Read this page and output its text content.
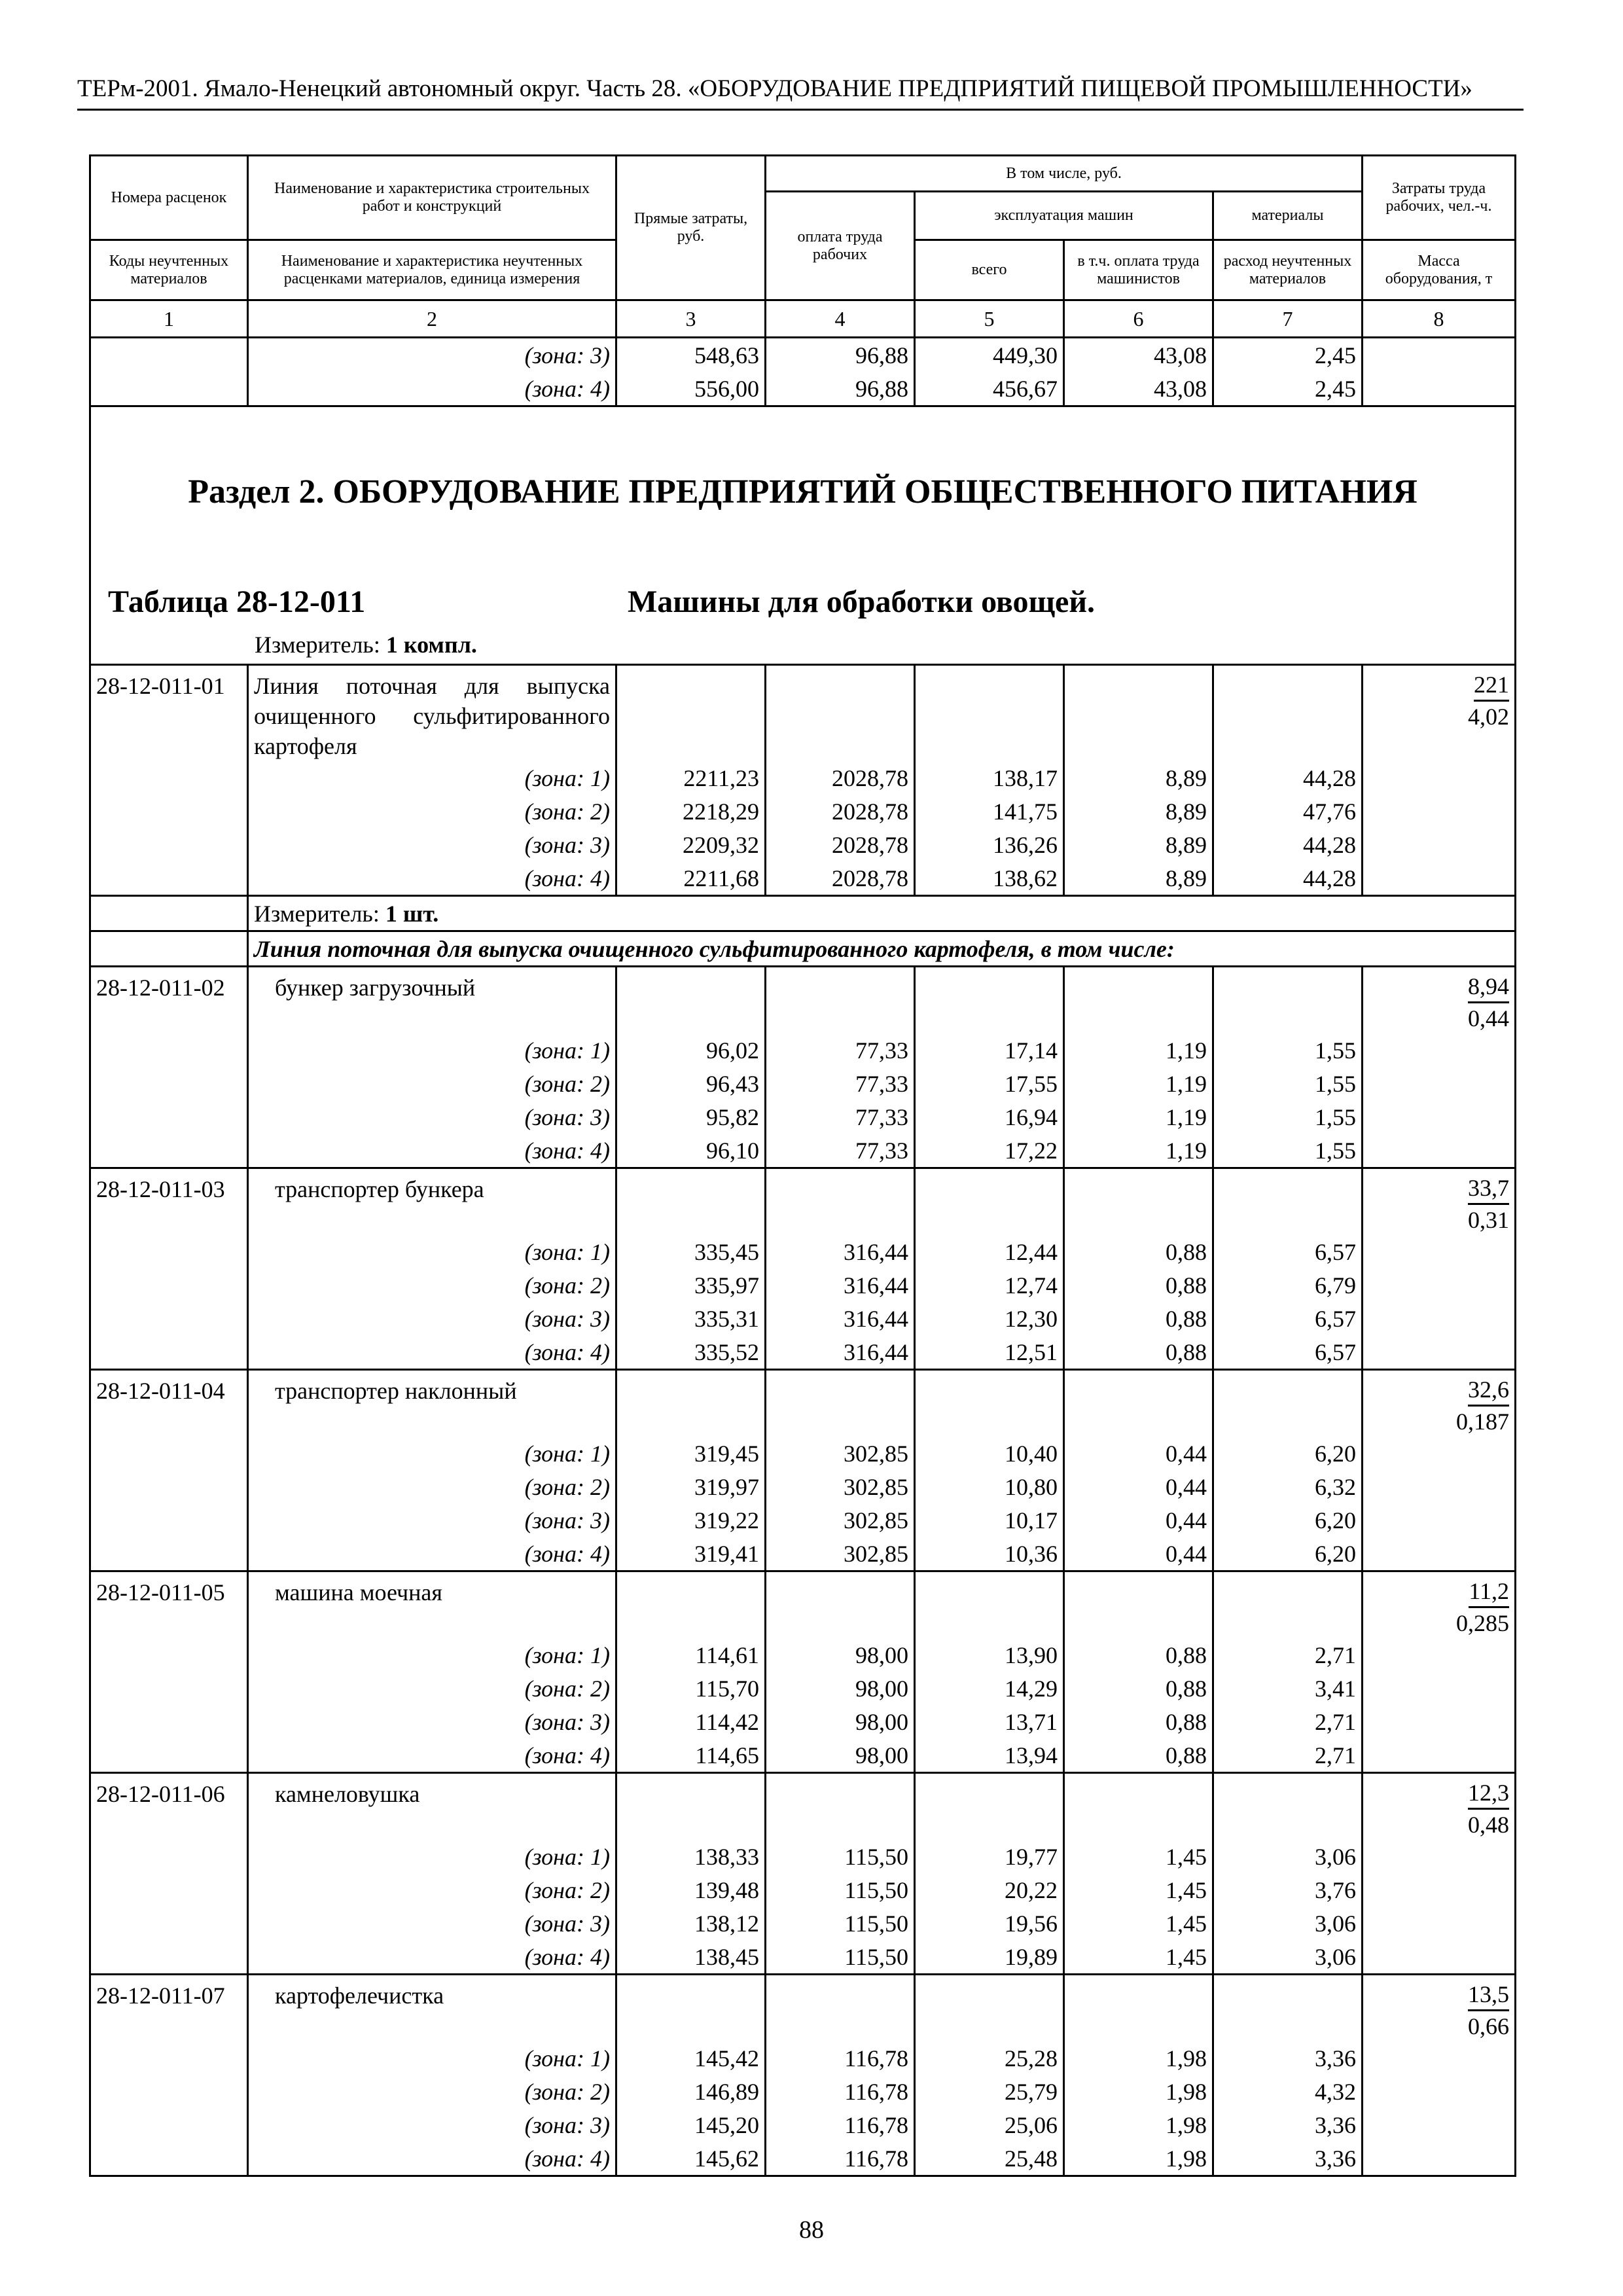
ТЕРм-2001. Ямало-Ненецкий автономный округ. Часть 28. «ОБОРУДОВАНИЕ ПРЕДПРИЯТИЙ ПИЩЕВОЙ ПРОМЫШЛЕННОСТИ»
Номера расценок	Наименование и характеристика строительных работ и конструкций	Прямые затраты, руб.	В том числе, руб.				Затраты труда рабочих, чел.-ч.
			оплата труда рабочих	эксплуатация машин		материалы	
Коды неучтенных материалов	Наименование и характеристика неучтенных расценками материалов, единица измерения			всего	в т.ч. оплата труда машинистов	расход неучтенных материалов	Масса оборудования, т
1	2	3	4	5	6	7	8
	(зона: 3)	548,63	96,88	449,30	43,08	2,45	
	(зона: 4)	556,00	96,88	456,67	43,08	2,45	

Раздел 2. ОБОРУДОВАНИЕ ПРЕДПРИЯТИЙ ОБЩЕСТВЕННОГО ПИТАНИЯ
Таблица 28-12-011 Машины для обработки овощей.
Измеритель: 1 компл.							

28-12-011-01	Линия поточная для выпуска очищенного сульфитированного картофеля						221
4,02

	(зона: 1)	2211,23	2028,78	138,17	8,89	44,28	
	(зона: 2)	2218,29	2028,78	141,75	8,89	47,76	
	(зона: 3)	2209,32	2028,78	136,26	8,89	44,28	
	(зона: 4)	2211,68	2028,78	138,62	8,89	44,28	
	Измеритель: 1 шт.						
	Линия поточная для выпуска очищенного сульфитированного картофеля, в том числе:						
28-12-011-02	бункер загрузочный						8,94
0,44

	(зона: 1)	96,02	77,33	17,14	1,19	1,55	
	(зона: 2)	96,43	77,33	17,55	1,19	1,55	
	(зона: 3)	95,82	77,33	16,94	1,19	1,55	
	(зона: 4)	96,10	77,33	17,22	1,19	1,55	
28-12-011-03	транспортер бункера						33,7
0,31

	(зона: 1)	335,45	316,44	12,44	0,88	6,57	
	(зона: 2)	335,97	316,44	12,74	0,88	6,79	
	(зона: 3)	335,31	316,44	12,30	0,88	6,57	
	(зона: 4)	335,52	316,44	12,51	0,88	6,57	
28-12-011-04	транспортер наклонный						32,6
0,187

	(зона: 1)	319,45	302,85	10,40	0,44	6,20	
	(зона: 2)	319,97	302,85	10,80	0,44	6,32	
	(зона: 3)	319,22	302,85	10,17	0,44	6,20	
	(зона: 4)	319,41	302,85	10,36	0,44	6,20	
28-12-011-05	машина моечная						11,2
0,285

	(зона: 1)	114,61	98,00	13,90	0,88	2,71	
	(зона: 2)	115,70	98,00	14,29	0,88	3,41	
	(зона: 3)	114,42	98,00	13,71	0,88	2,71	
	(зона: 4)	114,65	98,00	13,94	0,88	2,71	
28-12-011-06	камнеловушка						12,3
0,48

	(зона: 1)	138,33	115,50	19,77	1,45	3,06	
	(зона: 2)	139,48	115,50	20,22	1,45	3,76	
	(зона: 3)	138,12	115,50	19,56	1,45	3,06	
	(зона: 4)	138,45	115,50	19,89	1,45	3,06	
28-12-011-07	картофелечистка						13,5
0,66

	(зона: 1)	145,42	116,78	25,28	1,98	3,36	
	(зона: 2)	146,89	116,78	25,79	1,98	4,32	
	(зона: 3)	145,20	116,78	25,06	1,98	3,36	
	(зона: 4)	145,62	116,78	25,48	1,98	3,36	
88
